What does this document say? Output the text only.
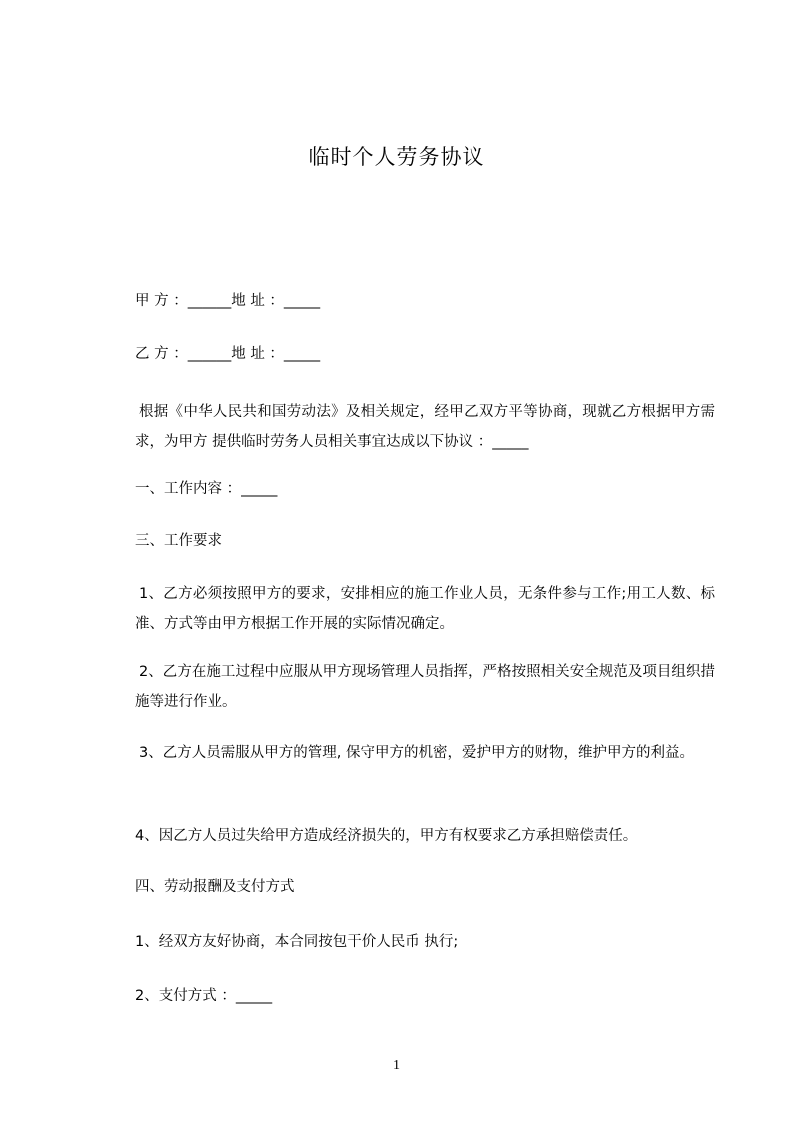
临时个人劳务协议
甲 方 ：______地 址 ：_____
乙 方 ：______地 址 ：_____
根据《中华人民共和国劳动法》及相关规定，经甲乙双方平等协商，现就乙方根据甲方需求，为甲方 提供临时劳务人员相关事宜达成以下协议 ：_____
一、工作内容 ：_____
三、工作要求
1、乙方必须按照甲方的要求，安排相应的施工作业人员，无条件参与工作;用工人数、标准、方式等由甲方根据工作开展的实际情况确定。
2、乙方在施工过程中应服从甲方现场管理人员指挥，严格按照相关安全规范及项目组织措施等进行作业。
3、乙方人员需服从甲方的管理, 保守甲方的机密，爱护甲方的财物，维护甲方的利益。
4、因乙方人员过失给甲方造成经济损失的，甲方有权要求乙方承担赔偿责任。
四、劳动报酬及支付方式
1、经双方友好协商，本合同按包干价人民币 执行;
2、支付方式 ：_____
1
